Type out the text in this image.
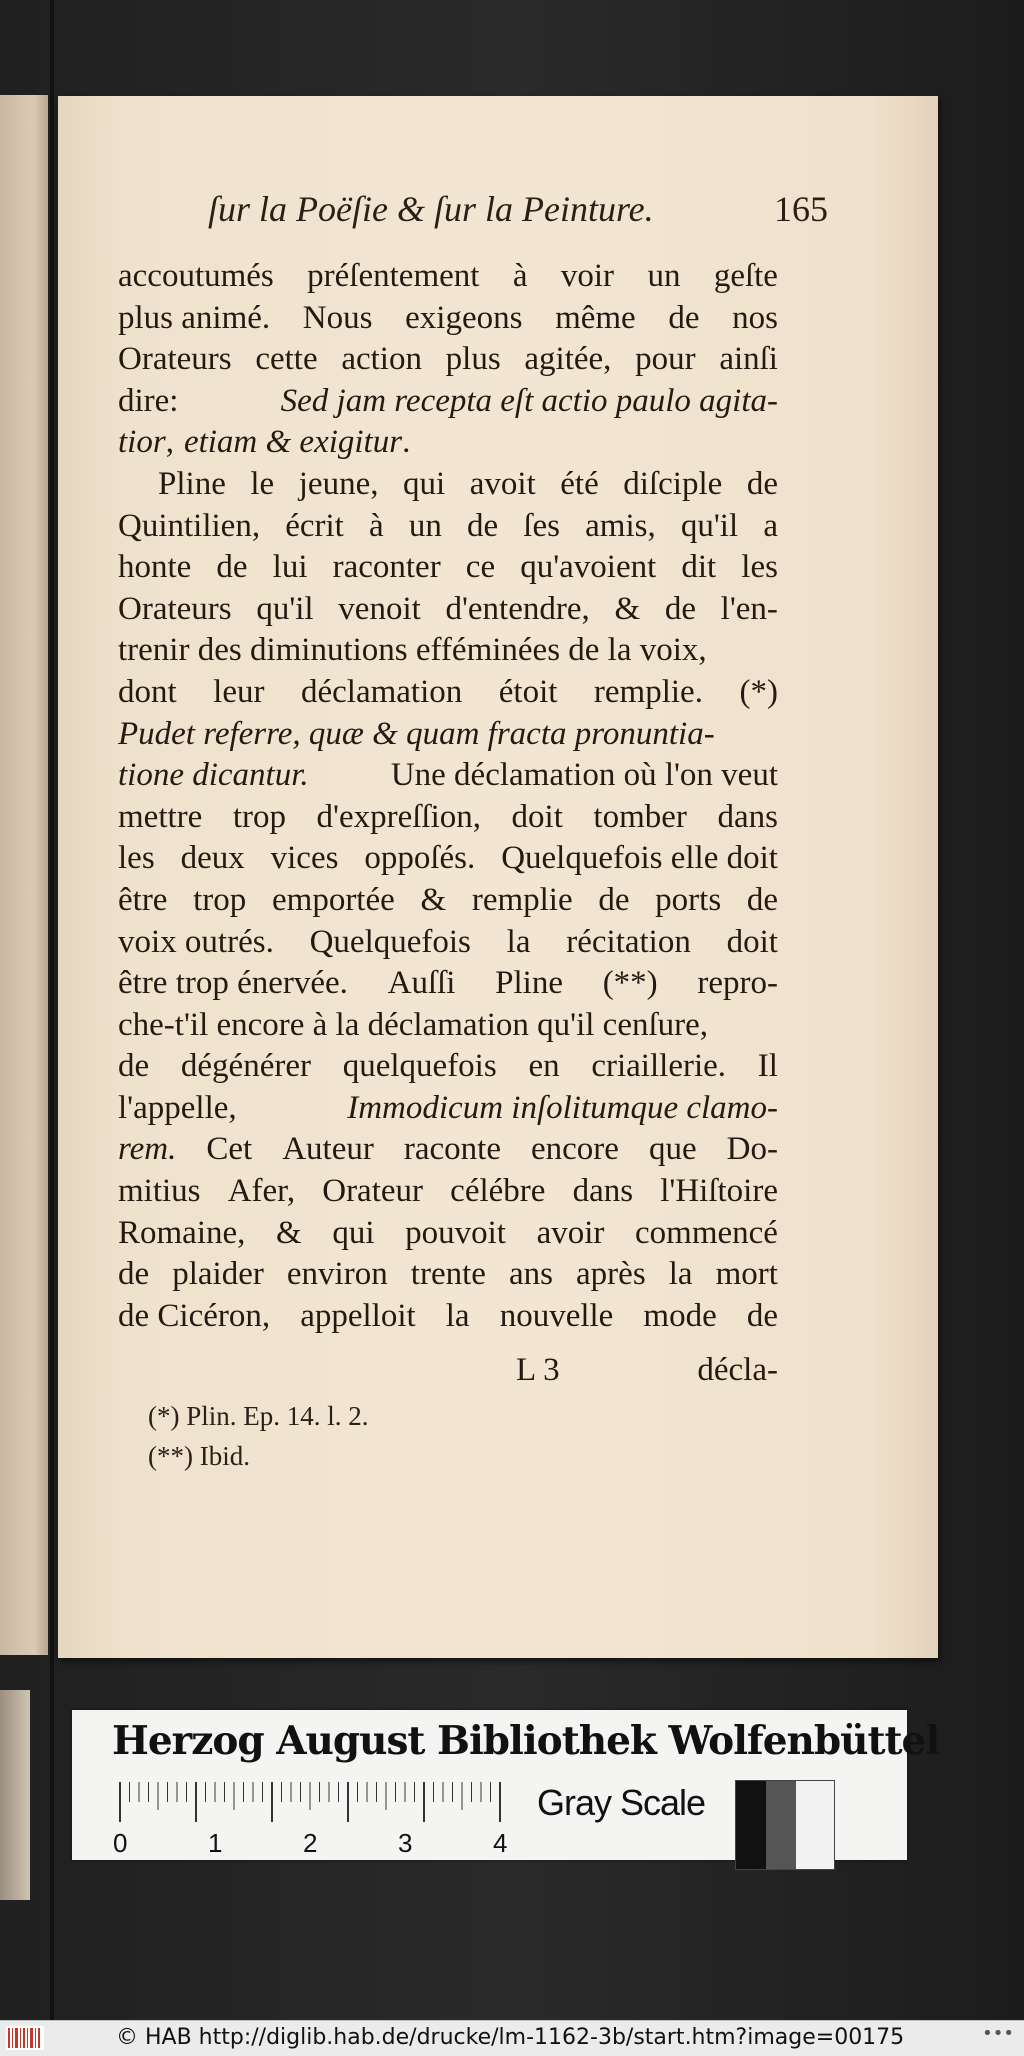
ſur la Poëſie & ſur la Peinture.	165
accoutumés préſentement à voir un geſte
plus animé. Nous exigeons même de nos
Orateurs cette action plus agitée, pour ainſi
dire:	Sed jam recepta eſt actio paulo agita-
tior , etiam & exigitur .
Pline le jeune, qui avoit été diſciple de
Quintilien, écrit à un de ſes amis, qu'il a
honte de lui raconter ce qu'avoient dit les
Orateurs qu'il venoit d'entendre, & de l'en-
trenir des diminutions efféminées de la voix,
dont leur déclamation étoit remplie. (*)
Pudet referre, quæ & quam fracta pronuntia-
tione dicantur. Une déclamation où l'on veut
mettre trop d'expreſſion, doit tomber dans
les deux vices oppoſés. Quelquefois elle doit
être trop emportée & remplie de ports de
voix outrés. Quelquefois la récitation doit
être trop énervée. Auſſi Pline (**) repro-
che-t'il encore à la déclamation qu'il cenſure,
de dégénérer quelquefois en criaillerie. Il
l'appelle,	Immodicum inſolitumque clamo-
rem. Cet Auteur raconte encore que Do-
mitius Afer, Orateur célébre dans l'Hiſtoire
Romaine, & qui pouvoit avoir commencé
de plaider environ trente ans après la mort
de Cicéron, appelloit la nouvelle mode de
L 3	décla-
(*) Plin. Ep. 14. l. 2.
(**) Ibid.
Herzog August Bibliothek Wolfenbüttel
0	1	2	3	4
Gray Scale
© HAB http://diglib.hab.de/drucke/lm-1162-3b/start.htm?image=00175	•••
